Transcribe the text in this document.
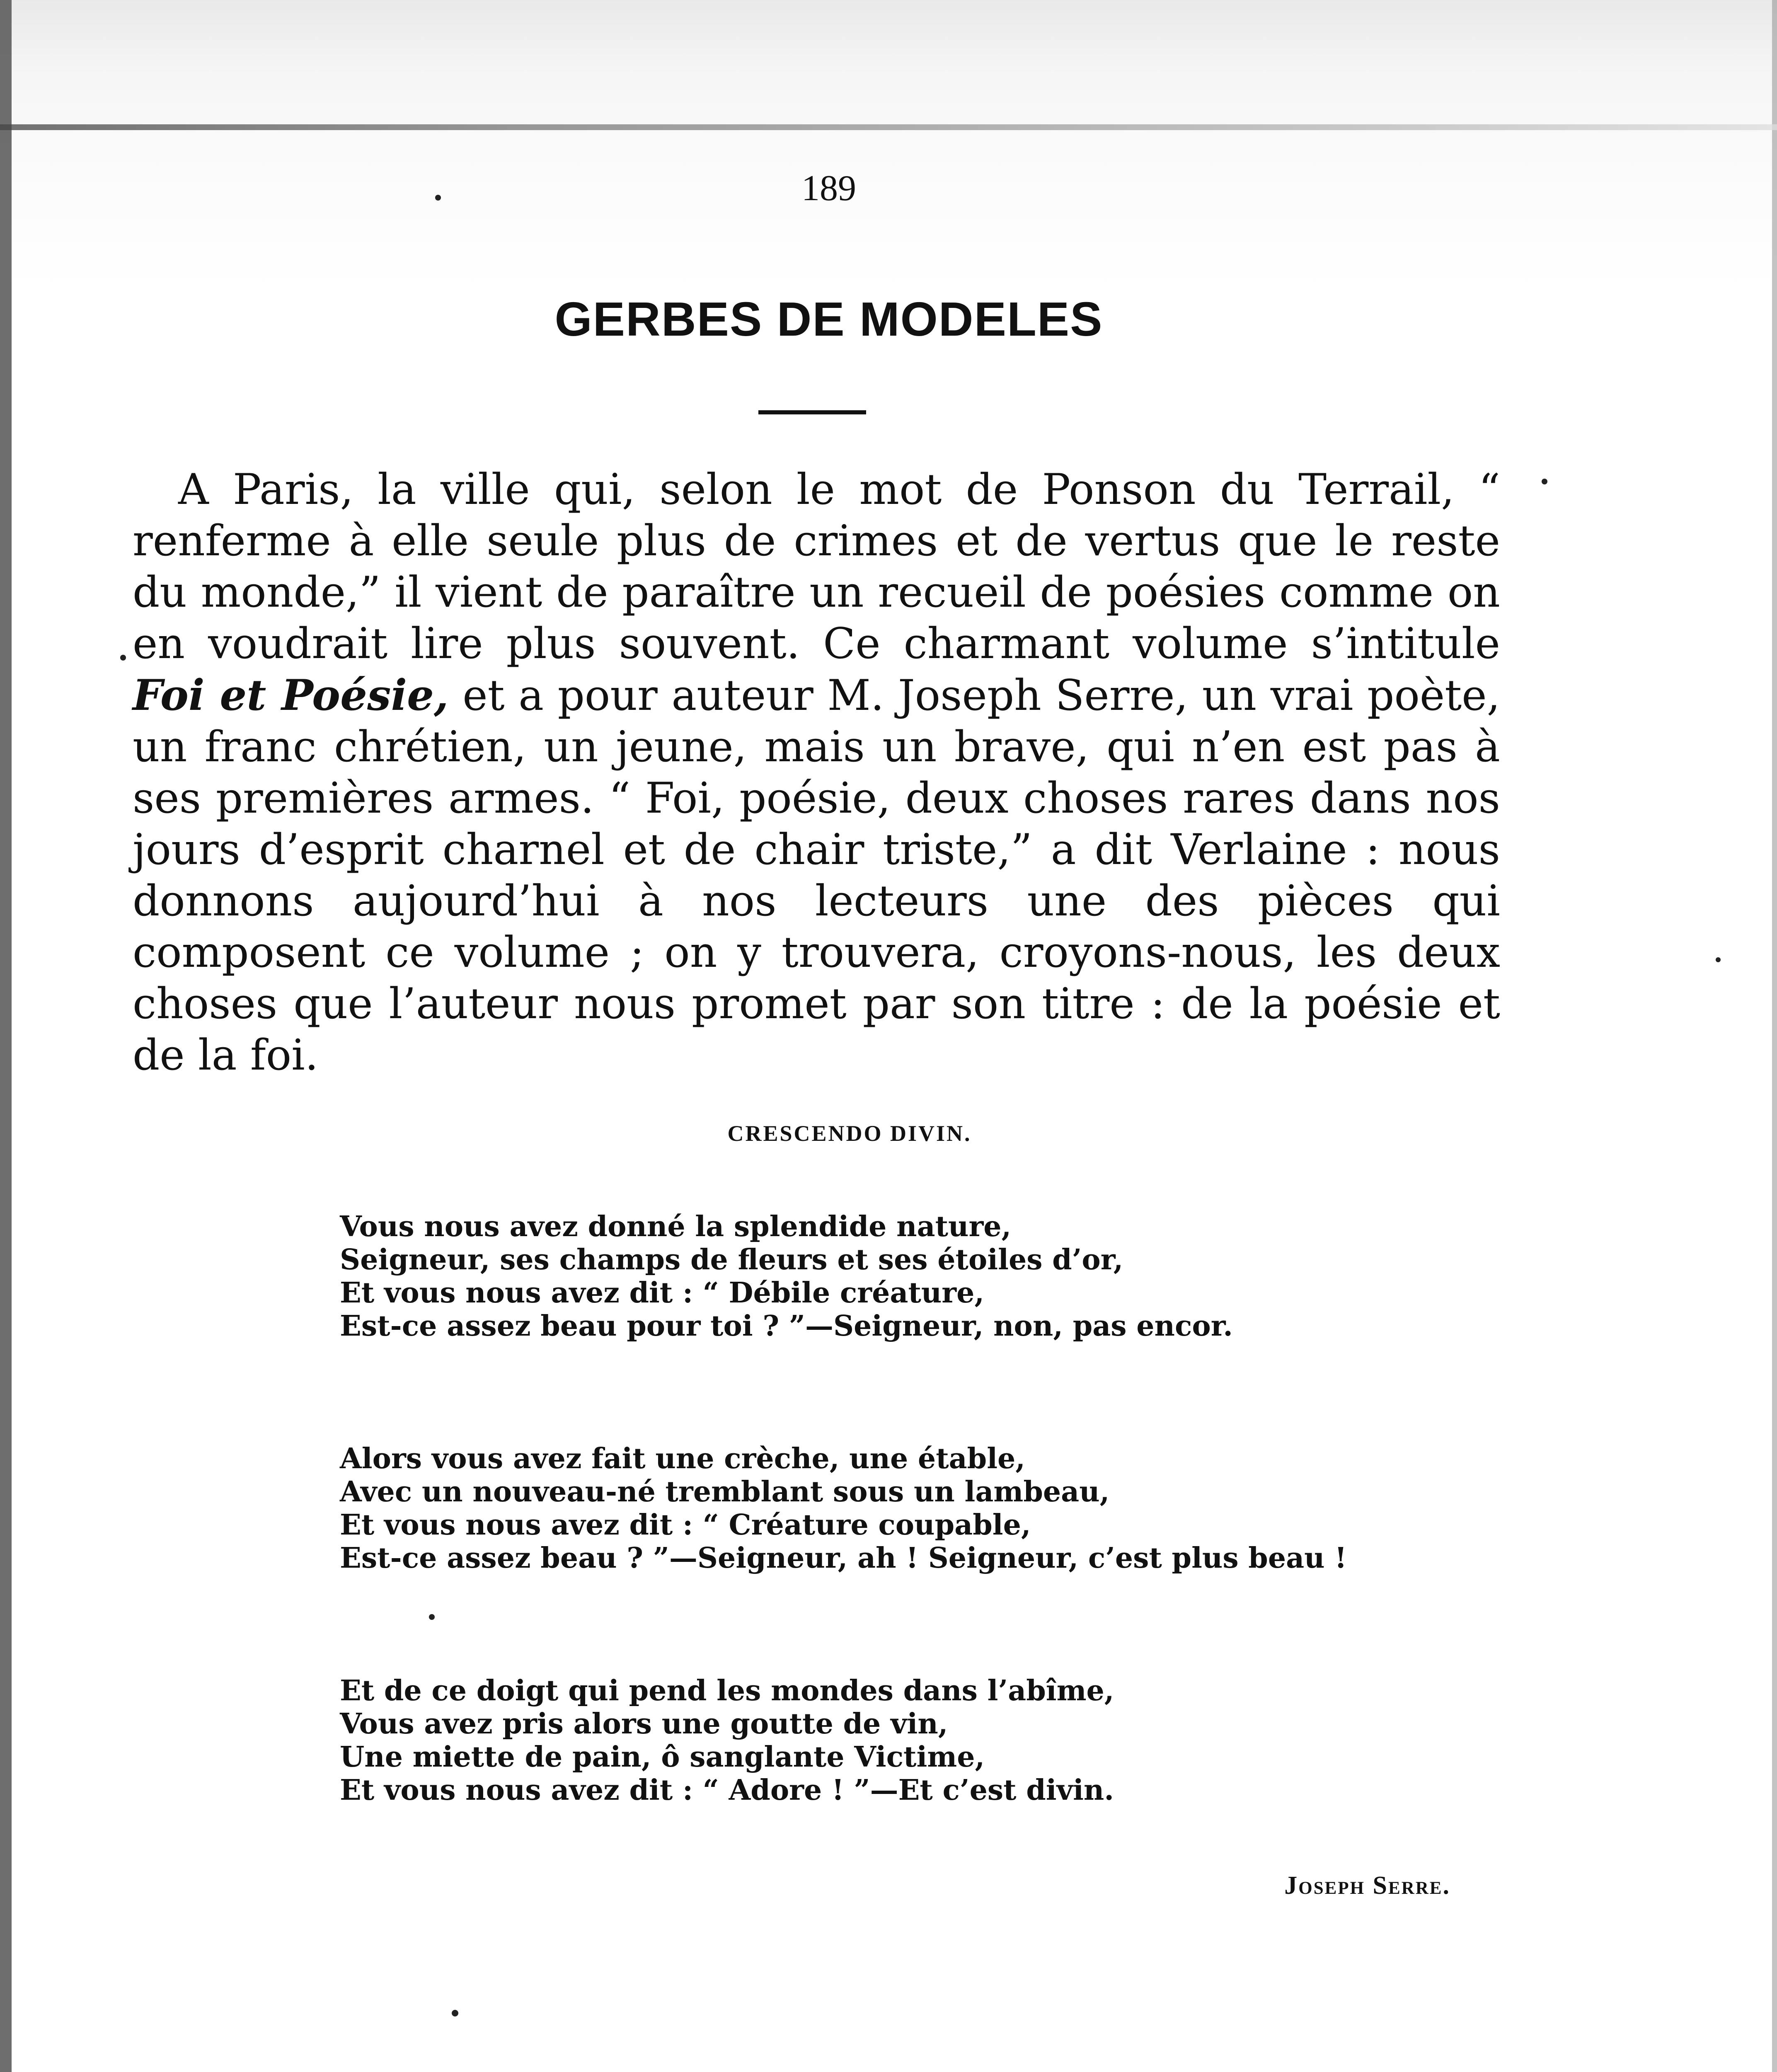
189
GERBES DE MODELES

A Paris, la ville qui, selon le mot de Ponson du Terrail, “ renferme à elle seule plus de crimes et de vertus que le reste du monde,” il vient de paraître un recueil de poésies comme on en voudrait lire plus souvent. Ce charmant volume s’intitule Foi et Poésie, et a pour auteur M. Joseph Serre, un vrai poète, un franc chrétien, un jeune, mais un brave, qui n’en est pas à ses premières armes. “ Foi, poésie, deux choses rares dans nos jours d’esprit charnel et de chair triste,” a dit Verlaine : nous donnons aujourd’hui à nos lecteurs une des pièces qui composent ce volume ; on y trouvera, croyons-nous, les deux choses que l’auteur nous promet par son titre : de la poésie et de la foi.

CRESCENDO DIVIN.
Vous nous avez donné la splendide nature,
Seigneur, ses champs de fleurs et ses étoiles d’or,
Et vous nous avez dit : “ Débile créature,
Est-ce assez beau pour toi ? ”—Seigneur, non, pas encor.
Alors vous avez fait une crèche, une étable,
Avec un nouveau-né tremblant sous un lambeau,
Et vous nous avez dit : “ Créature coupable,
Est-ce assez beau ? ”—Seigneur, ah ! Seigneur, c’est plus beau !
Et de ce doigt qui pend les mondes dans l’abîme,
Vous avez pris alors une goutte de vin,
Une miette de pain, ô sanglante Victime,
Et vous nous avez dit : “ Adore ! ”—Et c’est divin.
Joseph Serre.
